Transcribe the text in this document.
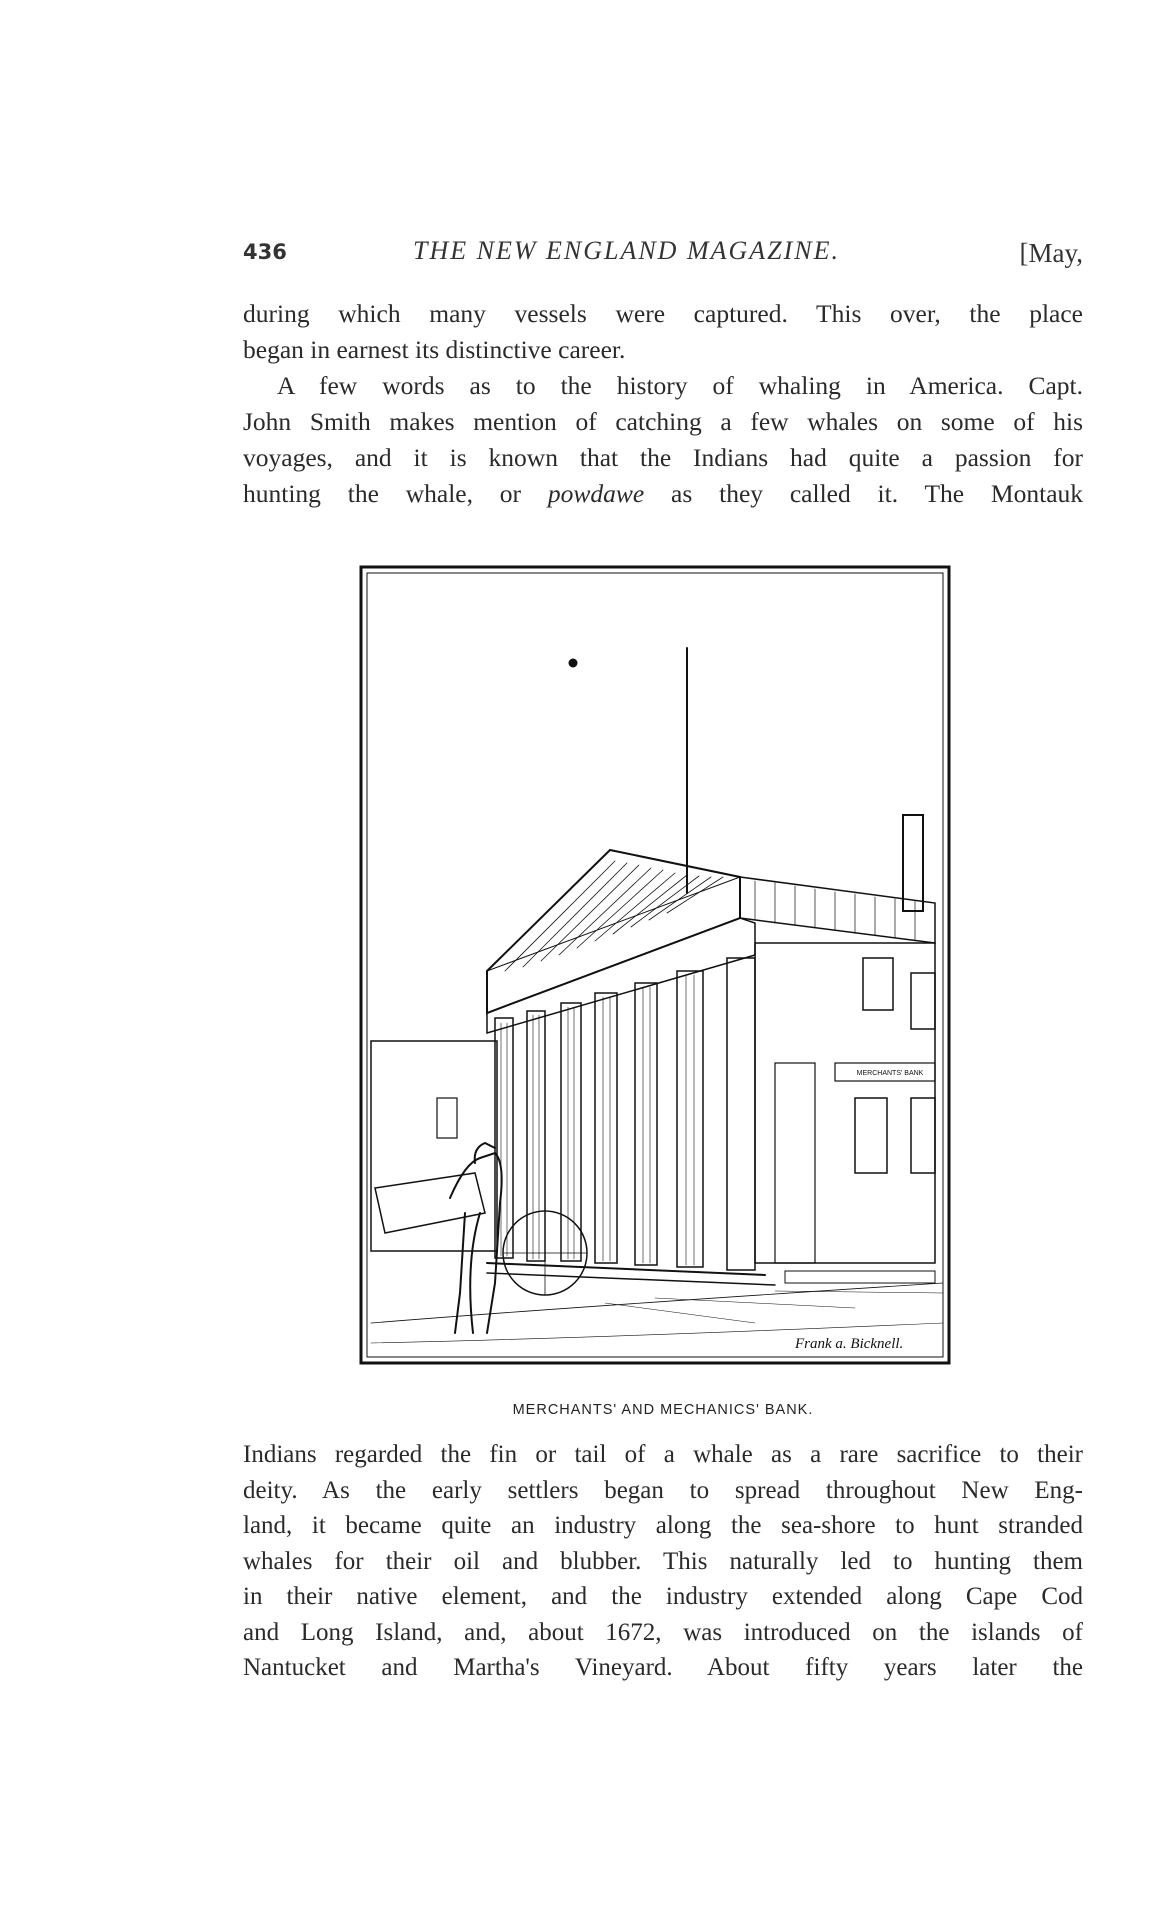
436	THE NEW ENGLAND MAGAZINE.	[May,

during which many vessels were captured. This over, the place
began in earnest its distinctive career.

A few words as to the history of whaling in America. Capt.
John Smith makes mention of catching a few whales on some of his
voyages, and it is known that the Indians had quite a passion for
hunting the whale, or powdawe as they called it. The Montauk

MERCHANTS' BANK
Frank a. Bicknell.
MERCHANTS' AND MECHANICS' BANK.

Indians regarded the fin or tail of a whale as a rare sacrifice to their
deity. As the early settlers began to spread throughout New Eng-
land, it became quite an industry along the sea-shore to hunt stranded
whales for their oil and blubber. This naturally led to hunting them
in their native element, and the industry extended along Cape Cod
and Long Island, and, about 1672, was introduced on the islands of
Nantucket and Martha's Vineyard. About fifty years later the
